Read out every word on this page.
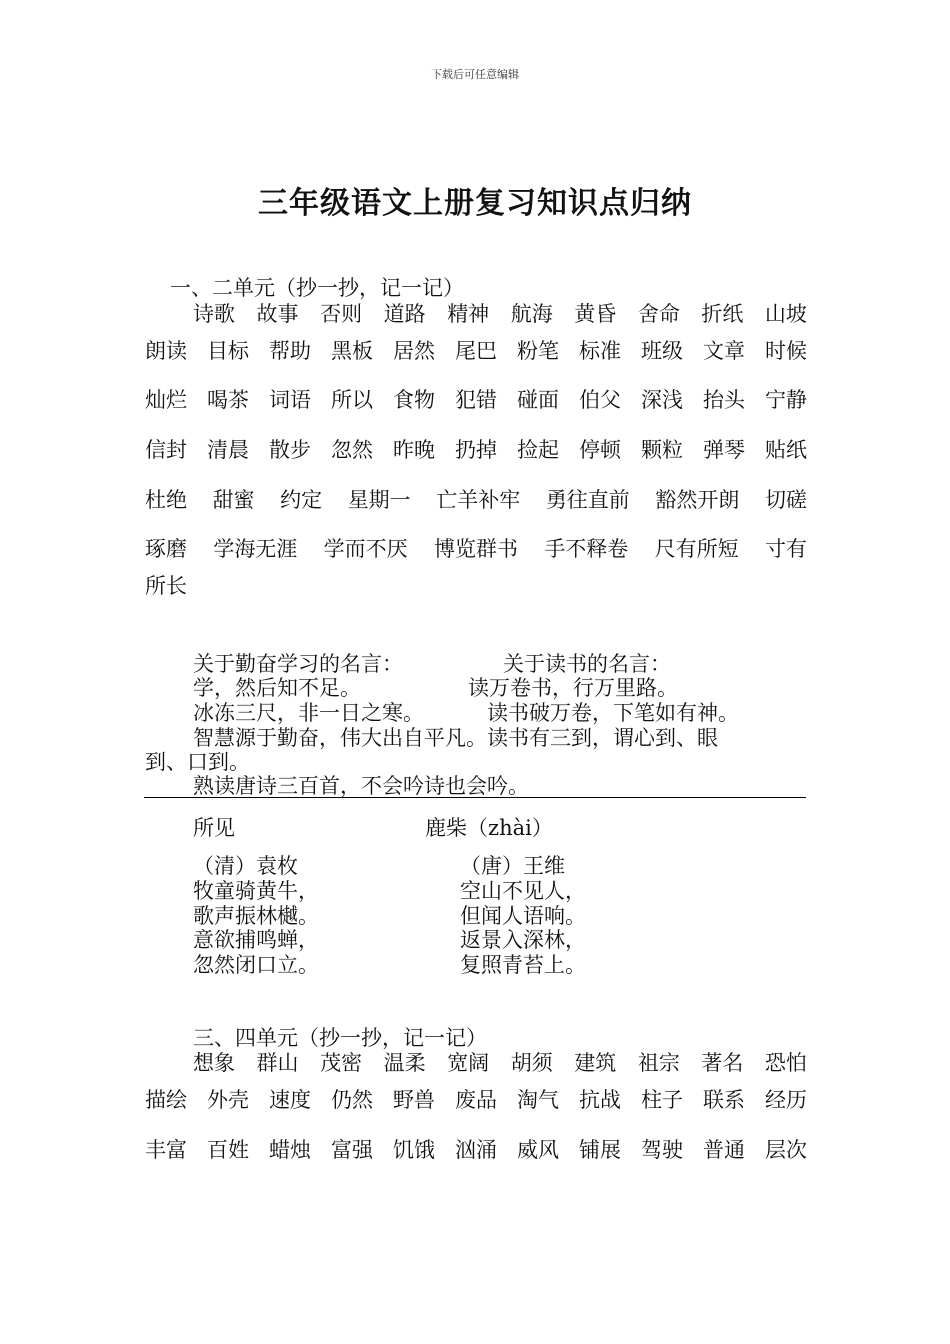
下载后可任意编辑
三年级语文上册复习知识点归纳
一、二单元（抄一抄，记一记）
诗歌 故事 否则 道路 精神 航海 黄昏 舍命 折纸 山坡
朗读 目标 帮助 黑板 居然 尾巴 粉笔 标准 班级 文章 时候
灿烂 喝茶 词语 所以 食物 犯错 碰面 伯父 深浅 抬头 宁静
信封 清晨 散步 忽然 昨晚 扔掉 捡起 停顿 颗粒 弹琴 贴纸
杜绝 甜蜜 约定 星期一 亡羊补牢 勇往直前 豁然开朗 切磋
琢磨 学海无涯 学而不厌 博览群书 手不释卷 尺有所短 寸有
所长
关于勤奋学习的名言：	关于读书的名言：
学，然后知不足。	读万卷书，行万里路。
冰冻三尺，非一日之寒。	读书破万卷，下笔如有神。
智慧源于勤奋，伟大出自平凡。读书有三到，谓心到、眼
到、口到。
熟读唐诗三百首，不会吟诗也会吟。
所见	鹿柴（zhài）
（清）袁枚	（唐）王维
牧童骑黄牛，	空山不见人，
歌声振林樾。	但闻人语响。
意欲捕鸣蝉，	返景入深林，
忽然闭口立。	复照青苔上。
三、四单元（抄一抄，记一记）
想象 群山 茂密 温柔 宽阔 胡须 建筑 祖宗 著名 恐怕
描绘 外壳 速度 仍然 野兽 废品 淘气 抗战 柱子 联系 经历
丰富 百姓 蜡烛 富强 饥饿 汹涌 威风 铺展 驾驶 普通 层次
